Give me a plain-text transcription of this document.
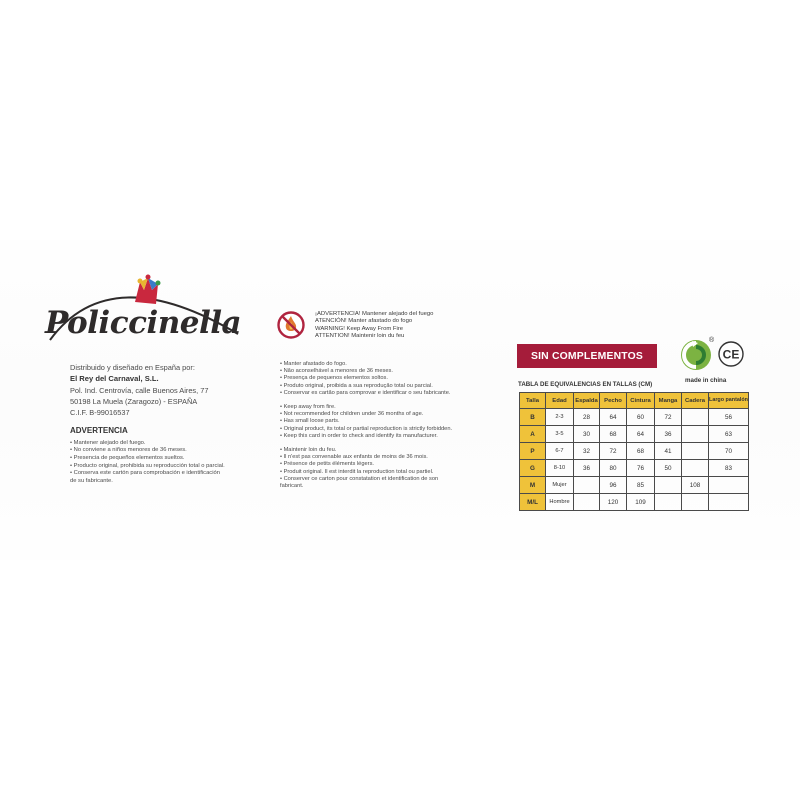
Policcinella
Distribuido y diseñado en España por:
El Rey del Carnaval, S.L.
Pol. Ind. Centrovía, calle Buenos Aires, 77
50198 La Muela (Zaragozo) - ESPAÑA
C.I.F. B-99016537
ADVERTENCIA
• Mantener alejado del fuego.
• No conviene a niños menores de 36 meses.
• Presencia de pequeños elementos sueltos.
• Producto original, prohibida su reproducción total o parcial.
• Conserva este cartón para comprobación e identificación
de su fabricante.
¡ADVERTENCIA! Mantener alejado del fuego
ATENCIÓN! Manter afastado do fogo
WARNING! Keep Away From Fire
ATTENTION! Maintenir loin du feu
• Manter afastado do fogo.
• Não aconselhável a menores de 36 meses.
• Presença de pequenos elementos soltos.
• Produto original, proibida a sua reprodução total ou parcial.
• Conservar es cartão para comprovar e identificar o seu fabricante.
• Keep away from fire.
• Not recommended for children under 36 months of age.
• Has small loose parts.
• Original product, its total or partial reproduction is strictly forbidden.
• Keep this card in order to check and identify its manufacturer.
• Maintenir loin du feu.
• Il n'est pas convenable aux enfants de moins de 36 mois.
• Présence de petits éléments légers.
• Produit original. Il est interdit la reproduction total ou partiel.
• Conserver ce carton pour constatation et identification de son
fabricant.
SIN COMPLEMENTOS
®
CE
made in china
TABLA DE EQUIVALENCIAS EN TALLAS (CM)
Talla	Edad	Espalda	Pecho	Cintura	Manga	Cadera	Largo pantalón
B	2-3	28	64	60	72		56
A	3-5	30	68	64	36		63
P	6-7	32	72	68	41		70
G	8-10	36	80	76	50		83
M	Mujer		96	85		108	
M/L	Hombre		120	109			
